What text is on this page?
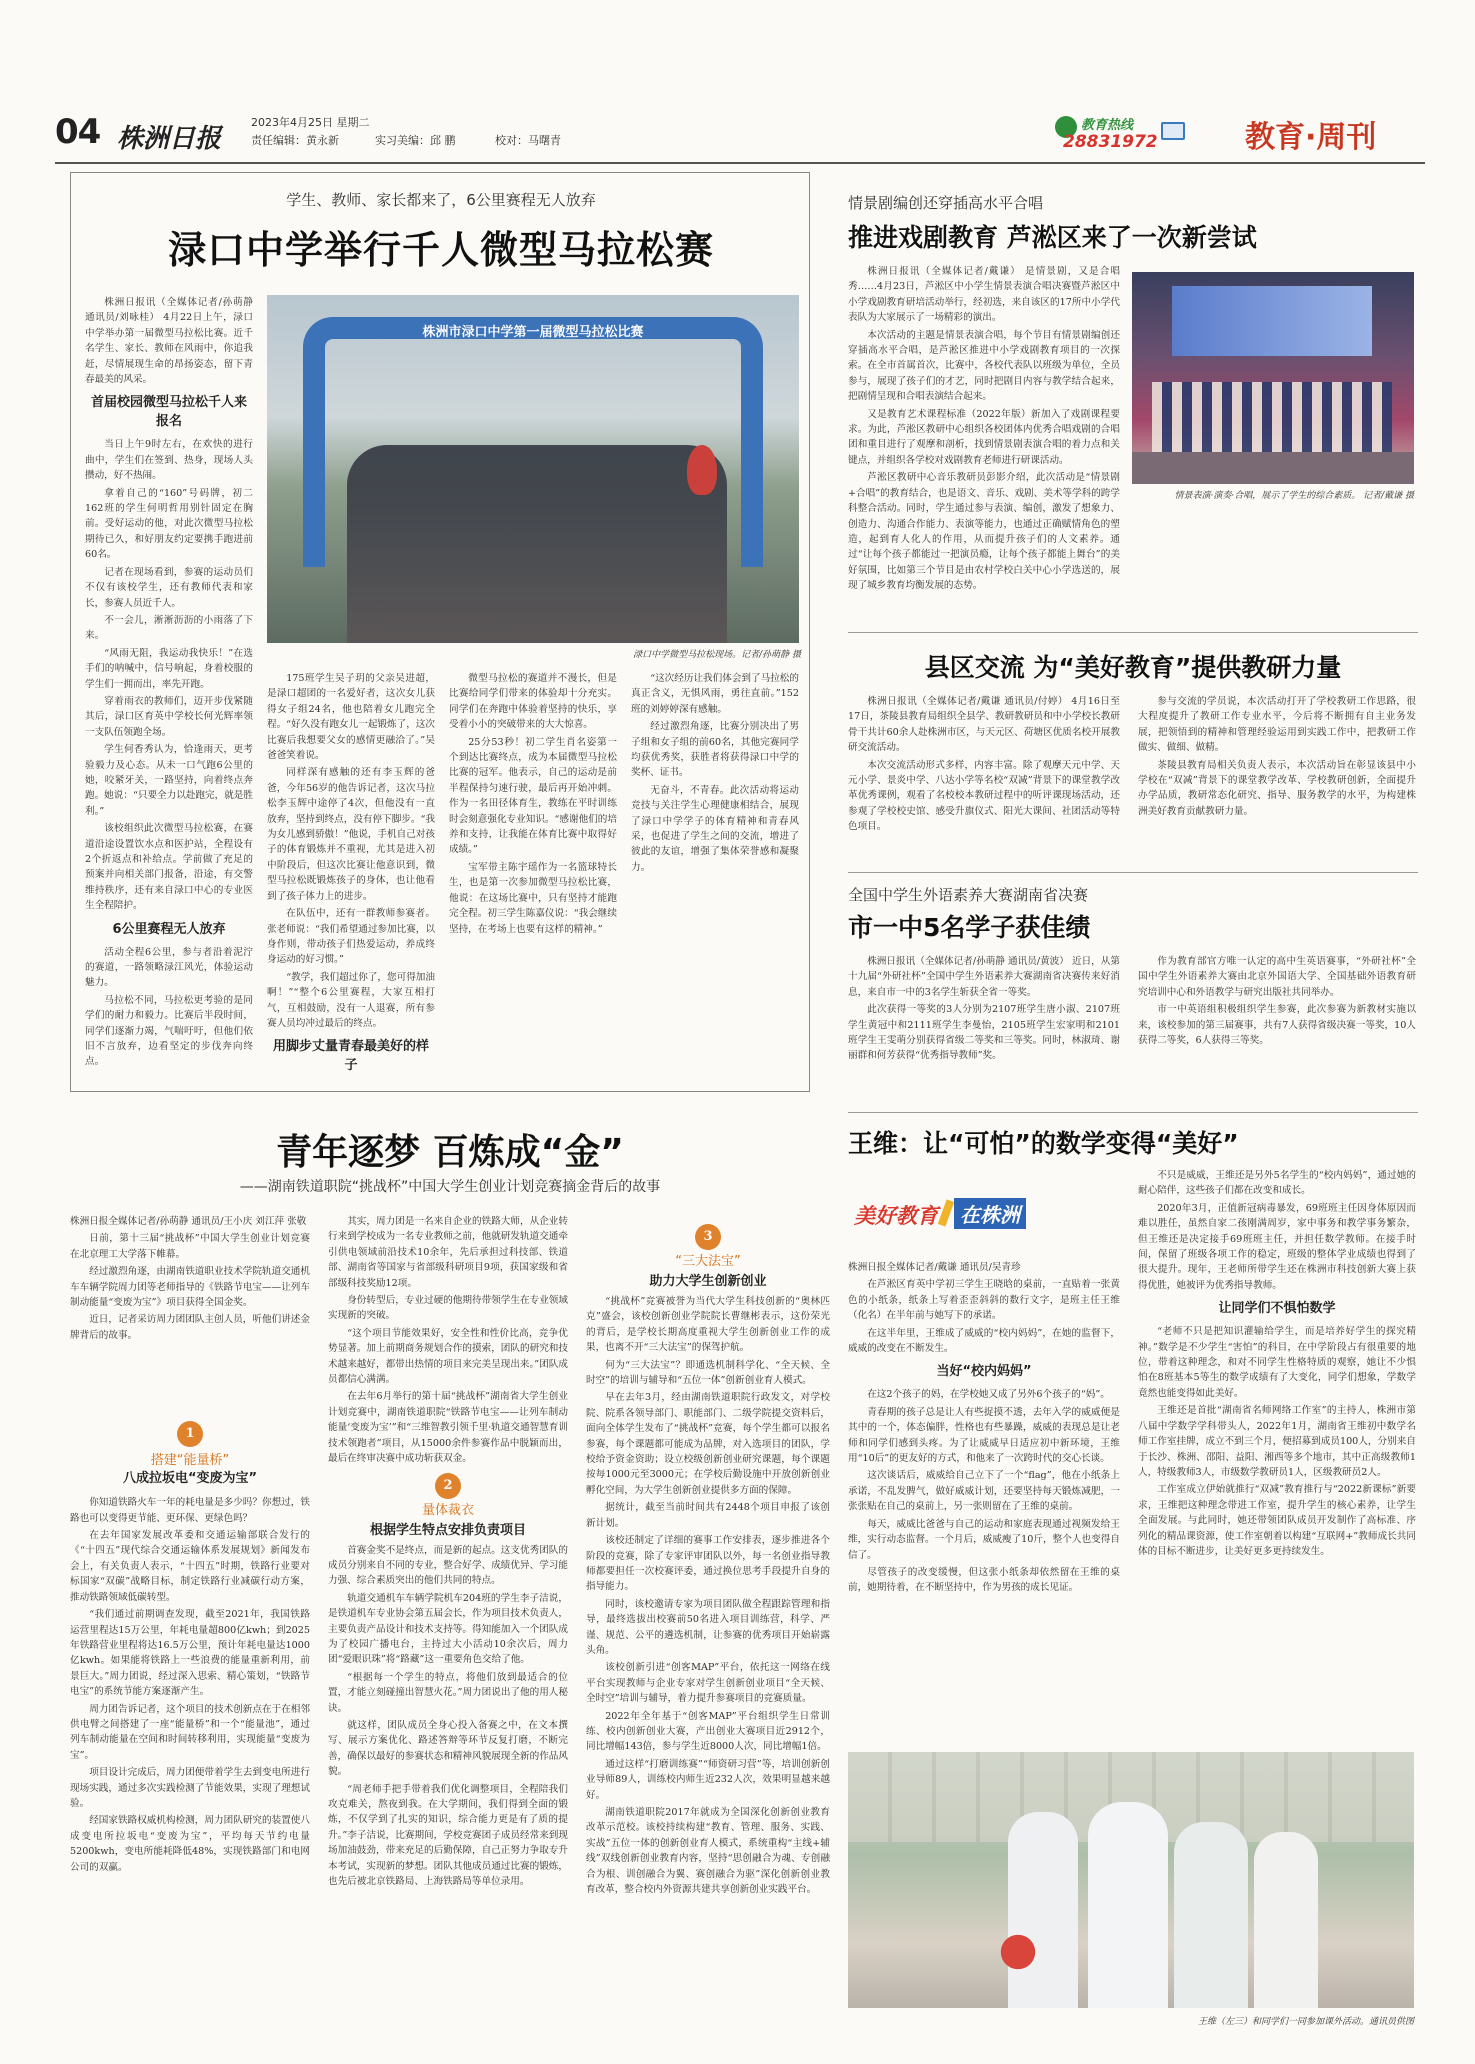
04 株洲日报
2023年4月25日 星期二
责任编辑：黄永新	实习美编：邱 鹏	校对：马曙青
教育热线
28831972	教育·周刊
学生、教师、家长都来了，6公里赛程无人放弃
渌口中学举行千人微型马拉松赛

株洲日报讯（全媒体记者/孙萌静 通讯员/刘咏桂） 4月22日上午，渌口中学举办第一届微型马拉松比赛。近千名学生、家长、教师在风雨中，你追我赶，尽情展现生命的昂扬姿态，留下青春最美的风采。

首届校园微型马拉松千人来报名

当日上午9时左右，在欢快的进行曲中，学生们在签到、热身，现场人头攒动，好不热闹。

拿着自己的“160”号码牌，初二162班的学生何明哲用别针固定在胸前。受好运动的他，对此次微型马拉松期待已久，和好朋友约定要携手跑进前60名。

记者在现场看到，参赛的运动员们不仅有该校学生，还有教师代表和家长，参赛人员近千人。

不一会儿，淅淅沥沥的小雨落了下来。

“风雨无阻，我运动我快乐！”在选手们的呐喊中，信号响起，身着校服的学生们一拥而出，率先开跑。

穿着雨衣的教师们，迈开步伐紧随其后，渌口区育英中学校长何光辉率领一支队伍领跑全场。

学生何香秀认为，恰逢雨天，更考验毅力及心态。从未一口气跑6公里的她，咬紧牙关，一路坚持，向着终点奔跑。她说：“只要全力以赴跑完，就是胜利。”

该校组织此次微型马拉松赛，在赛道沿途设置饮水点和医护站，全程设有2个折返点和补给点。学前做了充足的预案并向相关部门报备，沿途，有交警维持秩序，还有来自渌口中心的专业医生全程陪护。

6公里赛程无人放弃

活动全程6公里，参与者沿着泥泞的赛道，一路领略渌江风光，体验运动魅力。

马拉松不同，马拉松更考验的是同学们的耐力和毅力。比赛后半段时间，同学们逐渐力竭，气喘吁吁，但他们依旧不言放弃，边看坚定的步伐奔向终点。

株洲市渌口中学第一届微型马拉松比赛
渌口中学微型马拉松现场。记者/孙萌静 摄

175班学生吴子玥的父亲吴进超，是渌口超团的一名爱好者，这次女儿获得女子组24名，他也陪着女儿跑完全程。“好久没有跑女儿一起锻炼了，这次比赛后我想要父女的感情更融洽了。”吴爸爸笑着说。

同样深有感触的还有李玉辉的爸爸，今年56岁的他告诉记者，这次马拉松李玉辉中途停了4次，但他没有一直放弃，坚持到终点，没有停下脚步。“我为女儿感到骄傲！”他说，手机自己对孩子的体育锻炼并不重视，尤其是进入初中阶段后，但这次比赛让他意识到，微型马拉松既锻炼孩子的身体，也让他看到了孩子体力上的进步。

在队伍中，还有一群教师参赛者。张老师说：“我们希望通过参加比赛，以身作则，带动孩子们热爱运动，养成终身运动的好习惯。”

“教学，我们超过你了，您可得加油啊！”“整个6公里赛程，大家互相打气，互相鼓励，没有一人退赛，所有参赛人员均冲过最后的终点。

用脚步丈量青春最美好的样子

微型马拉松的赛道并不漫长，但是比赛给同学们带来的体验却十分充实。同学们在奔跑中体验着坚持的快乐，享受着小小的突破带来的大大惊喜。

25分53秒！初二学生肖名姿第一个到达比赛终点，成为本届微型马拉松比赛的冠军。他表示，自己的运动是前半程保持匀速行驶，最后再开始冲刺。作为一名田径体育生，教练在平时训练时会刻意强化专业知识。“感谢他们的培养和支持，让我能在体育比赛中取得好成绩。”

宝军带主陈宇瑶作为一名篮球特长生，也是第一次参加微型马拉松比赛，他说：在这场比赛中，只有坚持才能跑完全程。初三学生陈嘉仪说：“我会继续坚持，在考场上也要有这样的精神。”

“这次经历让我们体会到了马拉松的真正含义，无惧风雨，勇往直前。”152班的刘婷婷深有感触。

经过激烈角逐，比赛分别决出了男子组和女子组的前60名，其他完赛同学均获优秀奖，获胜者将获得渌口中学的奖杯、证书。

无奋斗，不青春。此次活动将运动竞技与关注学生心理健康相结合，展现了渌口中学学子的体育精神和青春风采，也促进了学生之间的交流，增进了彼此的友谊，增强了集体荣誉感和凝聚力。

情景剧编创还穿插高水平合唱
推进戏剧教育 芦淞区来了一次新尝试

株洲日报讯（全媒体记者/戴谦） 是情景剧，又是合唱秀……4月23日，芦淞区中小学生情景表演合唱决赛暨芦淞区中小学戏剧教育研培活动举行，经初选，来自该区的17所中小学代表队为大家展示了一场精彩的演出。

本次活动的主题是情景表演合唱，每个节目有情景剧编创还穿插高水平合唱，是芦淞区推进中小学戏剧教育项目的一次探索。在全市首属首次，比赛中，各校代表队以班级为单位，全员参与，展现了孩子们的才艺，同时把剧目内容与教学结合起来，把剧情呈现和合唱表演结合起来。

又是教育艺术课程标准（2022年版）新加入了戏剧课程要求。为此，芦淞区教研中心组织各校团体内优秀合唱戏剧的合唱团和重目进行了观摩和剖析，找到情景剧表演合唱的着力点和关键点，并组织各学校对戏剧教育老师进行研课活动。

芦淞区教研中心音乐教研员彭影介绍，此次活动是“情景剧+合唱”的教育结合，也是语文、音乐、戏剧、美术等学科的跨学科整合活动。同时，学生通过参与表演、编创，激发了想象力、创造力、沟通合作能力、表演等能力，也通过正确赋情角色的塑造，起到育人化人的作用，从而提升孩子们的人文素养。通过“让每个孩子都能过一把演员瘾，让每个孩子都能上舞台”的美好氛围，比如第三个节目是由农村学校白关中心小学选送的，展现了城乡教育均衡发展的态势。

情景表演·演奏·合唱，展示了学生的综合素质。 记者/戴谦 摄
县区交流 为“美好教育”提供教研力量

株洲日报讯（全媒体记者/戴谦 通讯员/付婷） 4月16日至17日，茶陵县教育局组织全县学、教研教研员和中小学校长教研骨干共计60余人赴株洲市区，与天元区、荷塘区优质名校开展教研交流活动。

本次交流活动形式多样，内容丰富。除了观摩天元中学、天元小学、景炎中学、八达小学等名校“双减”背景下的课堂教学改革优秀课例，观看了名校校本教研过程中的听评课现场活动，还参观了学校校史馆、感受升旗仪式、阳光大课间、社团活动等特色项目。

参与交流的学员说，本次活动打开了学校教研工作思路，很大程度提升了教研工作专业水平，今后将不断拥有自主业务发展，把领悟到的精神和管理经验运用到实践工作中，把教研工作做实、做细、做精。

茶陵县教育局相关负责人表示，本次活动旨在彰显该县中小学校在“双减”背景下的课堂教学改革、学校教研创新，全面提升办学品质，教研常态化研究、指导、服务教学的水平，为构建株洲美好教育贡献教研力量。

全国中学生外语素养大赛湖南省决赛
市一中5名学子获佳绩

株洲日报讯（全媒体记者/孙萌静 通讯员/黄波） 近日，从第十九届“外研社杯”全国中学生外语素养大赛湖南省决赛传来好消息，来自市一中的3名学生斩获全省一等奖。

此次获得一等奖的3人分别为2107班学生唐小淑、2107班学生黄冠中和2111班学生李曼怡，2105班学生宏家明和2101班学生王雯萌分别获得省级二等奖和三等奖。同时，林淑琦、谢丽群和何芳获得“优秀指导教师”奖。

作为教育部官方唯一认定的高中生英语赛事，“外研社杯”全国中学生外语素养大赛由北京外国语大学、全国基础外语教育研究培训中心和外语教学与研究出版社共同举办。

市一中英语组积极组织学生参赛，此次参赛为新教材实施以来，该校参加的第三届赛事，共有7人获得省级决赛一等奖，10人获得二等奖，6人获得三等奖。

青年逐梦 百炼成“金”
——湖南铁道职院“挑战杯”中国大学生创业计划竞赛摘金背后的故事

株洲日报全媒体记者/孙萌静 通讯员/王小庆 刘江萍 张敬

日前，第十三届“挑战杯”中国大学生创业计划竞赛在北京理工大学落下帷幕。

经过激烈角逐，由湖南铁道职业技术学院轨道交通机车车辆学院周力团等老师指导的《铁路节电宝——让列车制动能量“变废为宝”》项目获得全国金奖。

近日，记者采访周力团团队主创人员，听他们讲述金牌背后的故事。

1
搭建“能量桥”
八成拉坂电“变废为宝”

你知道铁路火车一年的耗电量是多少吗？你想过，铁路也可以变得更节能、更环保、更绿色吗？

在去年国家发展改革委和交通运输部联合发行的《“十四五”现代综合交通运输体系发展规划》新闻发布会上，有关负责人表示，“十四五”时期，铁路行业要对标国家“双碳”战略目标，制定铁路行业减碳行动方案，推动铁路领域低碳转型。

“我们通过前期调查发现，截至2021年，我国铁路运营里程达15万公里，年耗电量超800亿kwh；到2025年铁路营业里程将达16.5万公里，预计年耗电量达1000亿kwh。如果能将铁路上一些浪费的能量重新利用，前景巨大。”周力团说，经过深入思索、精心策划，“铁路节电宝”的系统节能方案逐渐产生。

周力团告诉记者，这个项目的技术创新点在于在相邻供电臂之间搭建了一座“能量桥”和一个“能量池”，通过列车制动能量在空间和时间转移利用，实现能量“变废为宝”。

项目设计完成后，周力团便带着学生去到变电所进行现场实践，通过多次实践检测了节能效果，实现了理想试验。

经国家铁路权威机构检测，周力团队研究的装置使八成变电所拉坂电“变废为宝”，平均每天节约电量5200kwh，变电所能耗降低48%，实现铁路部门和电网公司的双赢。

其实，周力团是一名来自企业的铁路大师，从企业转行来到学校成为一名专业教师之前，他就研发轨道交通牵引供电领域前沿技术10余年，先后承担过科技部、铁道部、湖南省等国家与省部级科研项目9项，获国家级和省部级科技奖励12项。

身份转型后，专业过硬的他期待带领学生在专业领域实现新的突破。

“这个项目节能效果好，安全性和性价比高，竞争优势显著。加上前期商务规划合作的摸索，团队的研究和技术越来越好，都带出热情的项目来完美呈现出来。”团队成员都信心满满。

在去年6月举行的第十届“挑战杯”湖南省大学生创业计划竞赛中，湖南铁道职院“铁路节电宝——让列车制动能量‘变废为宝’”和“三维智教引领千里·轨道交通智慧育训技术领跑者”项目，从15000余件参赛作品中脱颖而出，最后在终审决赛中成功斩获双金。

2
量体裁衣
根据学生特点安排负责项目

首赛金奖不是终点，而是新的起点。这支优秀团队的成员分别来自不同的专业，整合好学、成绩优异、学习能力强、综合素质突出的他们共同的特点。

轨道交通机车车辆学院机车204班的学生李子洁说，是铁道机车专业协会第五届会长，作为项目技术负责人，主要负责产品设计和技术支持等。得知能加入一个团队成为了校园广播电台，主持过大小活动10余次后，周力团“爱眼识珠”将“路藏”这一重要角色交给了他。

“根据每一个学生的特点，将他们放到最适合的位置，才能立刻碰撞出智慧火花。”周力团说出了他的用人秘诀。

就这样，团队成员全身心投入备赛之中，在文本撰写、展示方案优化、路述答辩等环节反复打磨，不断完善，确保以最好的参赛状态和精神风貌展现全新的作品风貌。

“周老师手把手带着我们优化调整项目，全程陪我们攻克难关，熬夜到我。在大学期间，我们得到全面的锻炼，不仅学到了扎实的知识，综合能力更是有了质的提升。”李子洁说，比赛期间，学校竞赛团子成员经常来到现场加油鼓劲，带来充足的后勤保障，自己正努力争取专升本考试，实现新的梦想。团队其他成员通过比赛的锻炼，也先后被北京铁路局、上海铁路局等单位录用。

3
“三大法宝”
助力大学生创新创业

“挑战杯”竞赛被誉为当代大学生科技创新的“奥林匹克”盛会，该校创新创业学院院长曹继彬表示，这份荣光的背后，是学校长期高度重视大学生创新创业工作的成果，也离不开“三大法宝”的保驾护航。

何为“三大法宝”？即通选机制科学化、“全天候、全时空”的培训与辅导和“五位一体”创新创业育人模式。

早在去年3月，经由湖南铁道职院行政发文，对学校院、院系各领导部门、职能部门、二级学院提交资料后，面向全体学生发布了“挑战杯”竞赛，每个学生都可以报名参赛，每个课题都可能成为品牌，对入选项目的团队，学校给予资金资助；设立校级创新创业研究课题，每个课题按每1000元至3000元；在学校后勤设施中开放创新创业孵化空间，为大学生创新创业提供多方面的保障。

据统计，截至当前时间共有2448个项目申报了该创新计划。

该校还制定了详细的赛事工作安排表，逐步推进各个阶段的竞赛，除了专家评审团队以外，每一名创业指导教师都要担任一次校赛评委，通过换位思考手段提升自身的指导能力。

同时，该校邀请专家为项目团队做全程跟踪管理和指导，最终选拔出校赛前50名进入项目训练营，科学、严谨、规范、公平的遴选机制，让参赛的优秀项目开始崭露头角。

该校创新引进“创客MAP”平台，依托这一网络在线平台实现教师与企业专家对学生创新创业项目“全天候、全时空”培训与辅导，着力提升参赛项目的竞赛质量。

2022年全年基于“创客MAP”平台组织学生日常训练、校内创新创业大赛，产出创业大赛项目近2912个，同比增幅143倍，参与学生近8000人次，同比增幅1倍。

通过这样“打磨训练赛”“师资研习营”等，培训创新创业导师89人，训练校内师生近232人次，效果明显越来越好。

湖南铁道职院2017年就成为全国深化创新创业教育改革示范校。该校持续构建“教育、管理、服务、实践、实战”五位一体的创新创业育人模式，系统重构“主线+辅线”双线创新创业教育内容，坚持“思创融合为魂、专创融合为根、训创融合为翼、赛创融合为驱”深化创新创业教育改革，整合校内外资源共建共享创新创业实践平台。

王维：让“可怕”的数学变得“美好”
美好教育	在株洲

株洲日报全媒体记者/戴谦 通讯员/吴青珍

在芦淞区育英中学初三学生王晓晗的桌前，一直贴着一张黄色的小纸条，纸条上写着歪歪斜斜的数行文字，是班主任王维（化名）在半年前与她写下的承诺。

在这半年里，王维成了威威的“校内妈妈”，在她的监督下，威威的改变在不断发生。

当好“校内妈妈”

在这2个孩子的妈，在学校她又成了另外6个孩子的“妈”。

青春期的孩子总是让人有些捉摸不透，去年入学的威威便是其中的一个，体态偏胖，性格也有些暴躁，威威的表现总是让老师和同学们感到头疼。为了让威威早日适应初中新环境，王维用“10后”的更友好的方式，和他来了一次跨时代的交心长谈。

这次谈话后，威威给自己立下了一个“flag”，他在小纸条上承诺，不乱发脾气，做好威威计划，还要坚持每天锻炼减肥，一张张贴在自己的桌前上，另一张则留在了王维的桌前。

每天，威威比爸爸与自己的运动和家庭表现通过视频发给王维，实行动态监督。一个月后，威威瘦了10斤，整个人也变得自信了。

尽管孩子的改变缓慢，但这张小纸条却依然留在王维的桌前，她期待着，在不断坚持中，作为男孩的成长见证。

不只是威威，王维还是另外5名学生的“校内妈妈”，通过她的耐心陪伴，这些孩子们都在改变和成长。

2020年3月，正值新冠病毒暴发，69班班主任因身体原因而难以胜任，虽然自家二孩刚满周岁，家中事务和教学事务繁杂，但王维还是决定接手69班班主任，并担任数学教师。在接手时间，保留了班级各项工作的稳定，班级的整体学业成绩也得到了很大提升。现年，王老师所带学生还在株洲市科技创新大赛上获得优胜，她被评为优秀指导教师。

让同学们不惧怕数学

“老师不只是把知识灌输给学生，而是培养好学生的探究精神。”数学是不少学生“害怕”的科目，在中学阶段占有很重要的地位，带着这种理念，和对不同学生性格特质的观察，她让不少惧怕在8班基本5等生的数学成绩有了大变化，同学们想象，学数学竟然也能变得如此美好。

王维还是首批“湖南省名师网络工作室”的主持人，株洲市第八届中学数学学科带头人，2022年1月，湖南省王维初中数学名师工作室挂牌，成立不到三个月，便招募到成员100人，分别来自于长沙、株洲、邵阳、益阳、湘西等多个地市，其中正高级教师1人，特级教师3人，市级数学教研员1人，区级教研员2人。

工作室成立伊始就推行“双减”教育推行与“2022新课标”新要求，王维把这种理念带进工作室，提升学生的核心素养，让学生全面发展。与此同时，她还带领团队成员开发制作了高标准、序列化的精品课资源，使工作室朝着以构建“互联网+”教师成长共同体的目标不断进步，让美好更多更持续发生。

王维（左三）和同学们一同参加课外活动。通讯员供图
